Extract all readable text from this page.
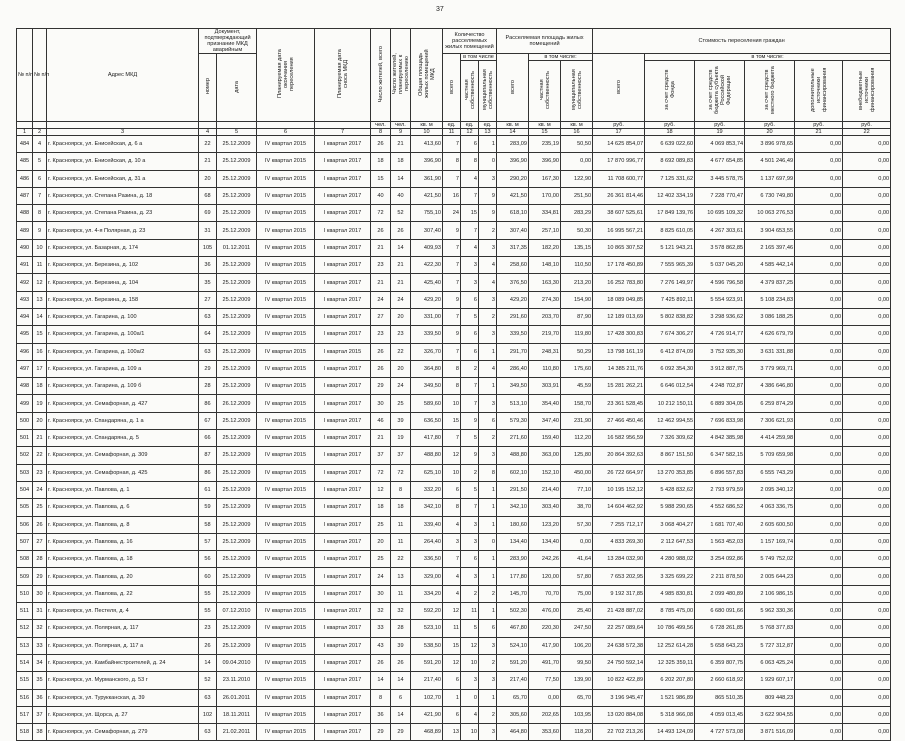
37
№ п/п	№ п/п	Адрес МКД	Документ, подтверждающий признание МКД аварийным		Планируемая дата окончания переселения	Планируемая дата сноса МКД	Число жителей, всего	Число жителей, планируемых к переселению	Общая площадь жилых помещений МКД	Количество расселяемых жилых помещений			Расселяемая площадь жилых помещений			Стоимость переселения граждан					
			номер	дата						всего	в том числе		всего	в том числе:		всего	в том числе:				
											частная собственность	муниципальная собственность		частная собственность	муниципальная собственность		за счет средств Фонда	за счет средств бюджета субъекта Российской Федерации	за счет средств местного бюджета	дополнительные источники финансирования	внебюджетные источники финансирования
							чел.	чел.	кв. м	ед.	ед.	ед.	кв. м	кв. м	кв. м	руб.	руб.	руб.	руб.	руб.	руб.
1	2	3	4	5	6	7	8	9	10	11	12	13	14	15	16	17	18	19	20	21	22
484	4	г. Красноярск, ул. Енисейская, д. 6 а	22	25.12.2009	IV квартал 2015	I квартал 2017	26	21	413,60	7	6	1	283,09	235,19	50,50	14 625 854,07	6 639 022,60	4 069 853,74	3 896 978,65	0,00	0,00
485	5	г. Красноярск, ул. Енисейская, д. 10 а	21	25.12.2009	IV квартал 2015	I квартал 2017	18	18	396,90	8	8	0	396,90	396,90	0,00	17 870 996,77	8 692 089,83	4 677 654,85	4 501 246,49	0,00	0,00
486	6	г. Красноярск, ул. Енисейская, д. 31 а	20	25.12.2009	IV квартал 2015	I квартал 2017	15	14	361,90	7	4	3	290,20	167,30	122,90	11 708 600,77	7 125 331,62	3 445 578,75	1 137 697,99	0,00	0,00
487	7	г. Красноярск, ул. Степана Разина, д. 18	68	25.12.2009	IV квартал 2015	I квартал 2017	40	40	421,50	16	7	9	421,50	170,00	251,50	26 361 814,46	12 402 334,19	7 228 770,47	6 730 749,80	0,00	0,00
488	8	г. Красноярск, ул. Степана Разина, д. 23	69	25.12.2009	IV квартал 2015	I квартал 2017	72	52	755,10	24	15	9	618,10	334,81	283,29	38 607 525,61	17 849 139,76	10 695 109,32	10 063 276,53	0,00	0,00
489	9	г. Красноярск, ул. 4-я Полярная, д. 23	31	25.12.2009	IV квартал 2015	I квартал 2017	26	26	307,40	9	7	2	307,40	257,10	50,30	16 995 567,21	8 825 610,05	4 267 303,61	3 904 653,55	0,00	0,00
490	10	г. Красноярск, ул. Базарная, д. 174	105	01.12.2011	IV квартал 2015	I квартал 2017	21	14	409,93	7	4	3	317,35	182,20	135,15	10 865 307,52	5 121 943,21	3 578 862,85	2 165 397,46	0,00	0,00
491	11	г. Красноярск, ул. Березина, д. 102	36	25.12.2009	IV квартал 2015	I квартал 2017	23	21	422,30	7	3	4	258,60	148,10	110,50	17 178 450,89	7 555 965,39	5 037 045,20	4 585 442,14	0,00	0,00
492	12	г. Красноярск, ул. Березина, д. 104	35	25.12.2009	IV квартал 2015	I квартал 2017	21	21	425,40	7	3	4	376,50	163,30	213,20	16 252 783,80	7 276 149,97	4 596 796,58	4 379 837,25	0,00	0,00
493	13	г. Красноярск, ул. Березина, д. 158	27	25.12.2009	IV квартал 2015	I квартал 2017	24	24	429,20	9	6	3	429,20	274,30	154,90	18 089 049,85	7 425 892,11	5 554 923,91	5 108 234,83	0,00	0,00
494	14	г. Красноярск, ул. Гагарина, д. 100	63	25.12.2009	IV квартал 2015	I квартал 2017	27	20	331,00	7	5	2	291,60	203,70	87,90	12 189 013,69	5 802 838,82	3 298 936,62	3 086 188,25	0,00	0,00
495	15	г. Красноярск, ул. Гагарина, д. 100а/1	64	25.12.2009	IV квартал 2015	I квартал 2017	23	23	339,50	9	6	3	339,50	219,70	119,80	17 428 300,83	7 674 306,27	4 726 914,77	4 626 679,79	0,00	0,00
496	16	г. Красноярск, ул. Гагарина, д. 100а/2	63	25.12.2009	IV квартал 2015	I квартал 2015	26	22	326,70	7	6	1	291,70	248,31	50,29	13 798 161,19	6 412 874,09	3 752 935,30	3 631 331,88	0,00	0,00
497	17	г. Красноярск, ул. Гагарина, д. 109 а	29	25.12.2009	IV квартал 2015	I квартал 2017	26	20	364,80	8	2	4	286,40	110,80	175,60	14 385 211,76	6 092 354,30	3 912 887,75	3 779 969,71	0,00	0,00
498	18	г. Красноярск, ул. Гагарина, д. 109 б	28	25.12.2009	IV квартал 2015	I квартал 2017	29	24	349,50	8	7	1	349,50	303,91	45,59	15 281 262,21	6 646 012,54	4 248 702,87	4 386 646,80	0,00	0,00
499	19	г. Красноярск, ул. Семафорная, д. 427	86	26.12.2009	IV квартал 2015	I квартал 2017	30	25	589,60	10	7	3	513,10	354,40	158,70	23 361 528,45	10 212 150,11	6 889 304,05	6 259 874,29	0,00	0,00
500	20	г. Красноярск, ул. Спандаряна, д. 1 а	67	25.12.2009	IV квартал 2015	I квартал 2017	46	39	636,50	15	9	6	579,30	347,40	231,90	27 466 450,46	12 462 994,55	7 696 833,98	7 306 621,93	0,00	0,00
501	21	г. Красноярск, ул. Спандаряна, д. 5	66	25.12.2009	IV квартал 2015	I квартал 2017	21	19	417,80	7	5	2	271,60	159,40	112,20	16 582 956,59	7 326 309,62	4 842 385,98	4 414 259,98	0,00	0,00
502	22	г. Красноярск, ул. Семафорная, д. 309	87	25.12.2009	IV квартал 2015	I квартал 2017	37	37	488,80	12	9	3	488,80	363,00	125,80	20 864 392,63	8 867 151,50	6 347 582,15	5 709 659,98	0,00	0,00
503	23	г. Красноярск, ул. Семафорная, д. 425	86	25.12.2009	IV квартал 2015	I квартал 2017	72	72	625,10	10	2	8	602,10	152,10	450,00	26 722 664,97	13 270 353,85	6 896 557,83	6 555 743,29	0,00	0,00
504	24	г. Красноярск, ул. Павлова, д. 1	61	25.12.2009	IV квартал 2015	I квартал 2017	12	8	332,20	6	5	1	291,50	214,40	77,10	10 195 152,12	5 428 832,62	2 793 979,59	2 095 340,12	0,00	0,00
505	25	г. Красноярск, ул. Павлова, д. 6	59	25.12.2009	IV квартал 2015	I квартал 2017	18	18	342,10	8	7	1	342,10	303,40	38,70	14 604 462,92	5 988 290,65	4 552 686,52	4 063 336,75	0,00	0,00
506	26	г. Красноярск, ул. Павлова, д. 8	58	25.12.2009	IV квартал 2015	I квартал 2017	25	11	339,40	4	3	1	180,60	123,20	57,30	7 255 712,17	3 068 404,27	1 681 707,40	2 605 600,50	0,00	0,00
507	27	г. Красноярск, ул. Павлова, д. 16	57	25.12.2009	IV квартал 2015	I квартал 2017	20	11	264,40	3	3	0	134,40	134,40	0,00	4 833 269,30	2 112 647,53	1 563 452,03	1 157 169,74	0,00	0,00
508	28	г. Красноярск, ул. Павлова, д. 18	56	25.12.2009	IV квартал 2015	I квартал 2017	25	22	336,50	7	6	1	283,90	242,26	41,64	13 284 032,90	4 280 988,02	3 254 092,86	5 749 752,02	0,00	0,00
509	29	г. Красноярск, ул. Павлова, д. 20	60	25.12.2009	IV квартал 2015	I квартал 2017	24	13	329,00	4	3	1	177,80	120,00	57,80	7 653 202,95	3 325 699,22	2 211 878,50	2 005 644,23	0,00	0,00
510	30	г. Красноярск, ул. Павлова, д. 22	55	25.12.2009	IV квартал 2015	I квартал 2017	30	11	334,20	4	2	2	145,70	70,70	75,00	9 192 317,85	4 985 830,81	2 099 480,89	2 106 986,15	0,00	0,00
511	31	г. Красноярск, ул. Пестеля, д. 4	55	07.12.2010	IV квартал 2015	I квартал 2017	32	32	592,20	12	11	1	502,30	476,00	25,40	21 428 887,02	8 785 475,00	6 680 091,66	5 962 330,36	0,00	0,00
512	32	г. Красноярск, ул. Полярная, д. 117	23	25.12.2009	IV квартал 2015	I квартал 2017	33	28	523,10	11	5	6	467,80	220,30	247,50	22 257 089,64	10 786 499,56	6 728 261,85	5 768 377,83	0,00	0,00
513	33	г. Красноярск, ул. Полярная, д. 117 а	26	25.12.2009	IV квартал 2015	I квартал 2017	43	39	538,50	15	12	3	524,10	417,90	106,20	24 638 572,38	12 252 614,28	5 658 643,23	5 727 312,87	0,00	0,00
514	34	г. Красноярск, ул. Камбайнестроителей, д. 24	14	09.04.2010	IV квартал 2015	I квартал 2017	26	26	591,20	12	10	2	591,20	491,70	99,50	24 750 592,14	12 325 359,11	6 359 807,75	6 063 425,24	0,00	0,00
515	35	г. Красноярск, ул. Мурманского, д. 53 г	52	23.11.2010	IV квартал 2015	I квартал 2017	14	14	217,40	6	3	3	217,40	77,50	139,90	10 822 422,89	6 202 207,80	2 660 618,92	1 929 607,17	0,00	0,00
516	36	г. Красноярск, ул. Турукканская, д. 39	63	26.01.2011	IV квартал 2015	I квартал 2017	8	6	102,70	1	0	1	65,70	0,00	65,70	3 196 945,47	1 521 986,89	865 510,35	809 448,23	0,00	0,00
517	37	г. Красноярск, ул. Щорса, д. 27	102	18.11.2011	IV квартал 2015	I квартал 2017	36	14	421,90	6	4	2	305,60	202,65	103,95	13 020 884,08	5 318 966,08	4 059 013,45	3 622 904,55	0,00	0,00
518	38	г. Красноярск, ул. Семафорная, д. 279	63	21.02.2011	IV квартал 2015	I квартал 2017	29	29	468,89	13	10	3	464,80	353,60	118,20	22 702 213,26	14 493 124,09	4 727 573,08	3 871 516,09	0,00	0,00
